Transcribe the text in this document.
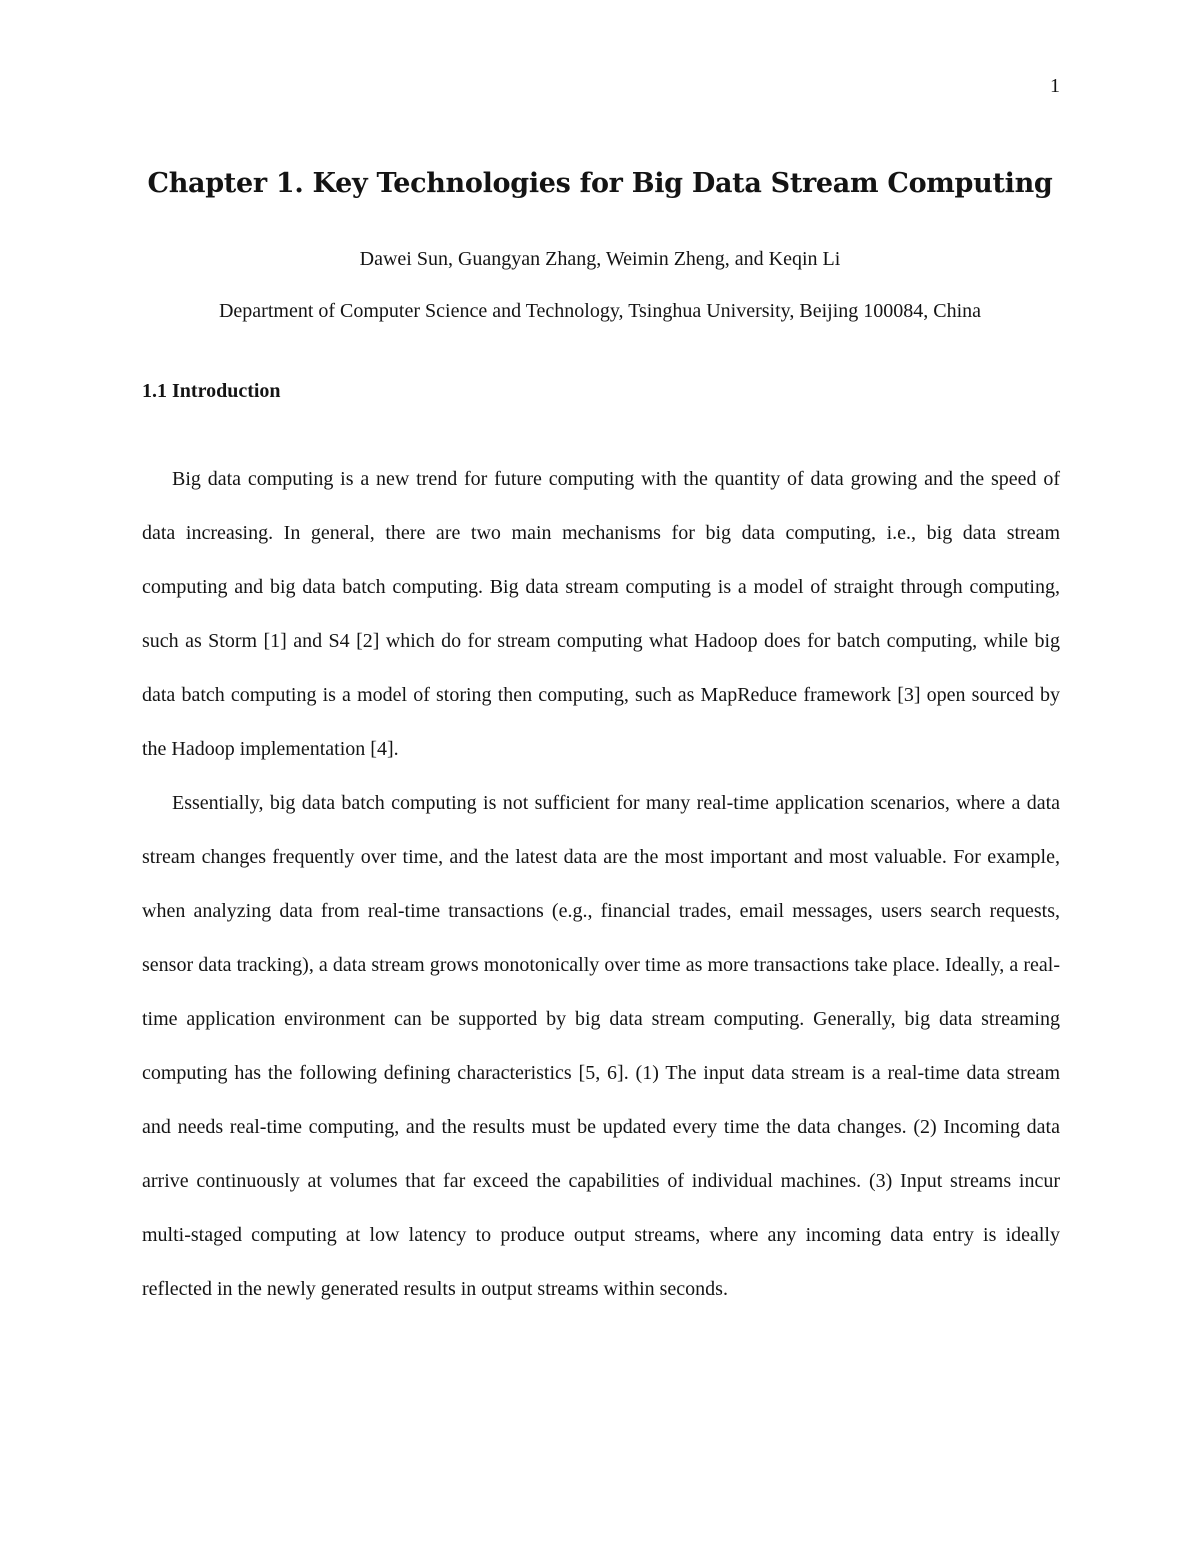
1
Chapter 1. Key Technologies for Big Data Stream Computing
Dawei Sun, Guangyan Zhang, Weimin Zheng, and Keqin Li
Department of Computer Science and Technology, Tsinghua University, Beijing 100084, China
1.1 Introduction

Big data computing is a new trend for future computing with the quantity of data growing and the speed of data increasing. In general, there are two main mechanisms for big data computing, i.e., big data stream computing and big data batch computing. Big data stream computing is a model of straight through computing, such as Storm [1] and S4 [2] which do for stream computing what Hadoop does for batch computing, while big data batch computing is a model of storing then computing, such as MapReduce framework [3] open sourced by the Hadoop implementation [4].

Essentially, big data batch computing is not sufficient for many real-time application scenarios, where a data stream changes frequently over time, and the latest data are the most important and most valuable. For example, when analyzing data from real-time transactions (e.g., financial trades, email messages, users search requests, sensor data tracking), a data stream grows monotonically over time as more transactions take place. Ideally, a real-time application environment can be supported by big data stream computing. Generally, big data streaming computing has the following defining characteristics [5, 6]. (1) The input data stream is a real-time data stream and needs real-time computing, and the results must be updated every time the data changes. (2) Incoming data arrive continuously at volumes that far exceed the capabilities of individual machines. (3) Input streams incur multi-staged computing at low latency to produce output streams, where any incoming data entry is ideally reflected in the newly generated results in output streams within seconds.
